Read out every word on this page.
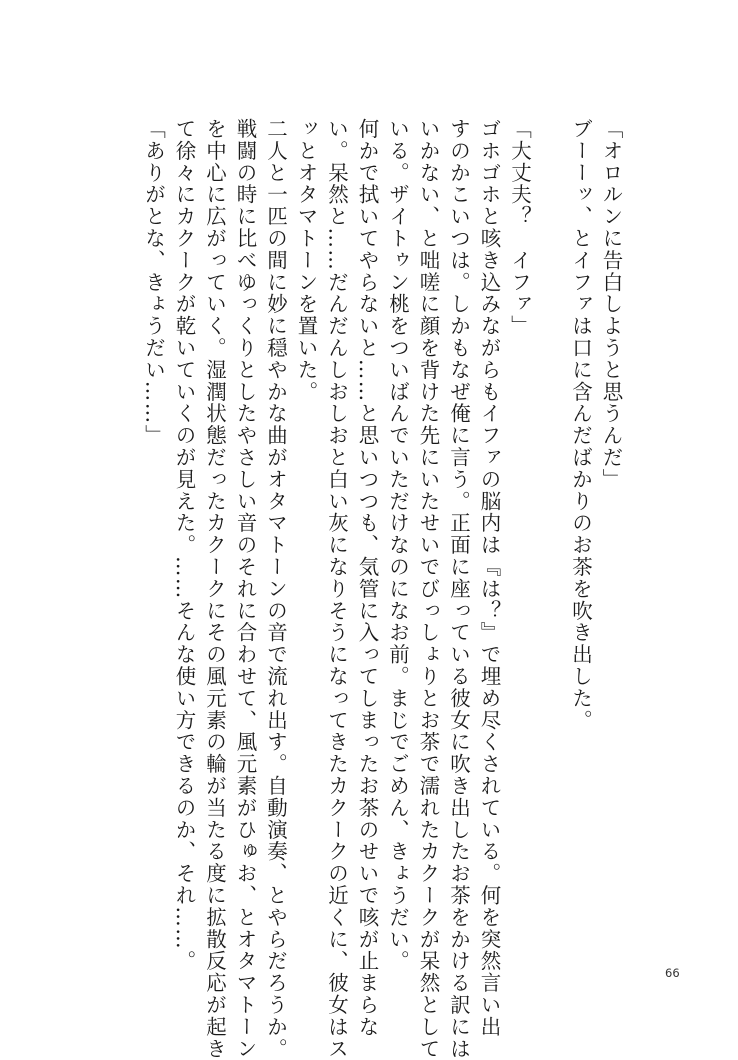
「オロルンに告白しようと思うんだ」
ブーーッ、とイファは口に含んだばかりのお茶を吹き出した。
「大丈夫？　イファ」
ゴホゴホと咳き込みながらもイファの脳内は『は？』で埋め尽くされている。何を突然言い出
すのかこいつは。しかもなぜ俺に言う。正面に座っている彼女に吹き出したお茶をかける訳には
いかない、と咄嗟に顔を背けた先にいたせいでびっしょりとお茶で濡れたカクークが呆然として
いる。ザイトゥン桃をついばんでいただけなのになお前。まじでごめん、きょうだい。
何かで拭いてやらないと……と思いつつも、気管に入ってしまったお茶のせいで咳が止まらな
い。呆然と……だんだんしおしおと白い灰になりそうになってきたカクークの近くに、彼女はス
ッとオタマトーンを置いた。
二人と一匹の間に妙に穏やかな曲がオタマトーンの音で流れ出す。自動演奏、とやらだろうか。
戦闘の時に比べゆっくりとしたやさしい音のそれに合わせて、風元素がひゅお、とオタマトーン
を中心に広がっていく。湿潤状態だったカクークにその風元素の輪が当たる度に拡散反応が起き
て徐々にカクークが乾いていくのが見えた。……そんな使い方できるのか、それ……。
「ありがとな、きょうだい……」
66
